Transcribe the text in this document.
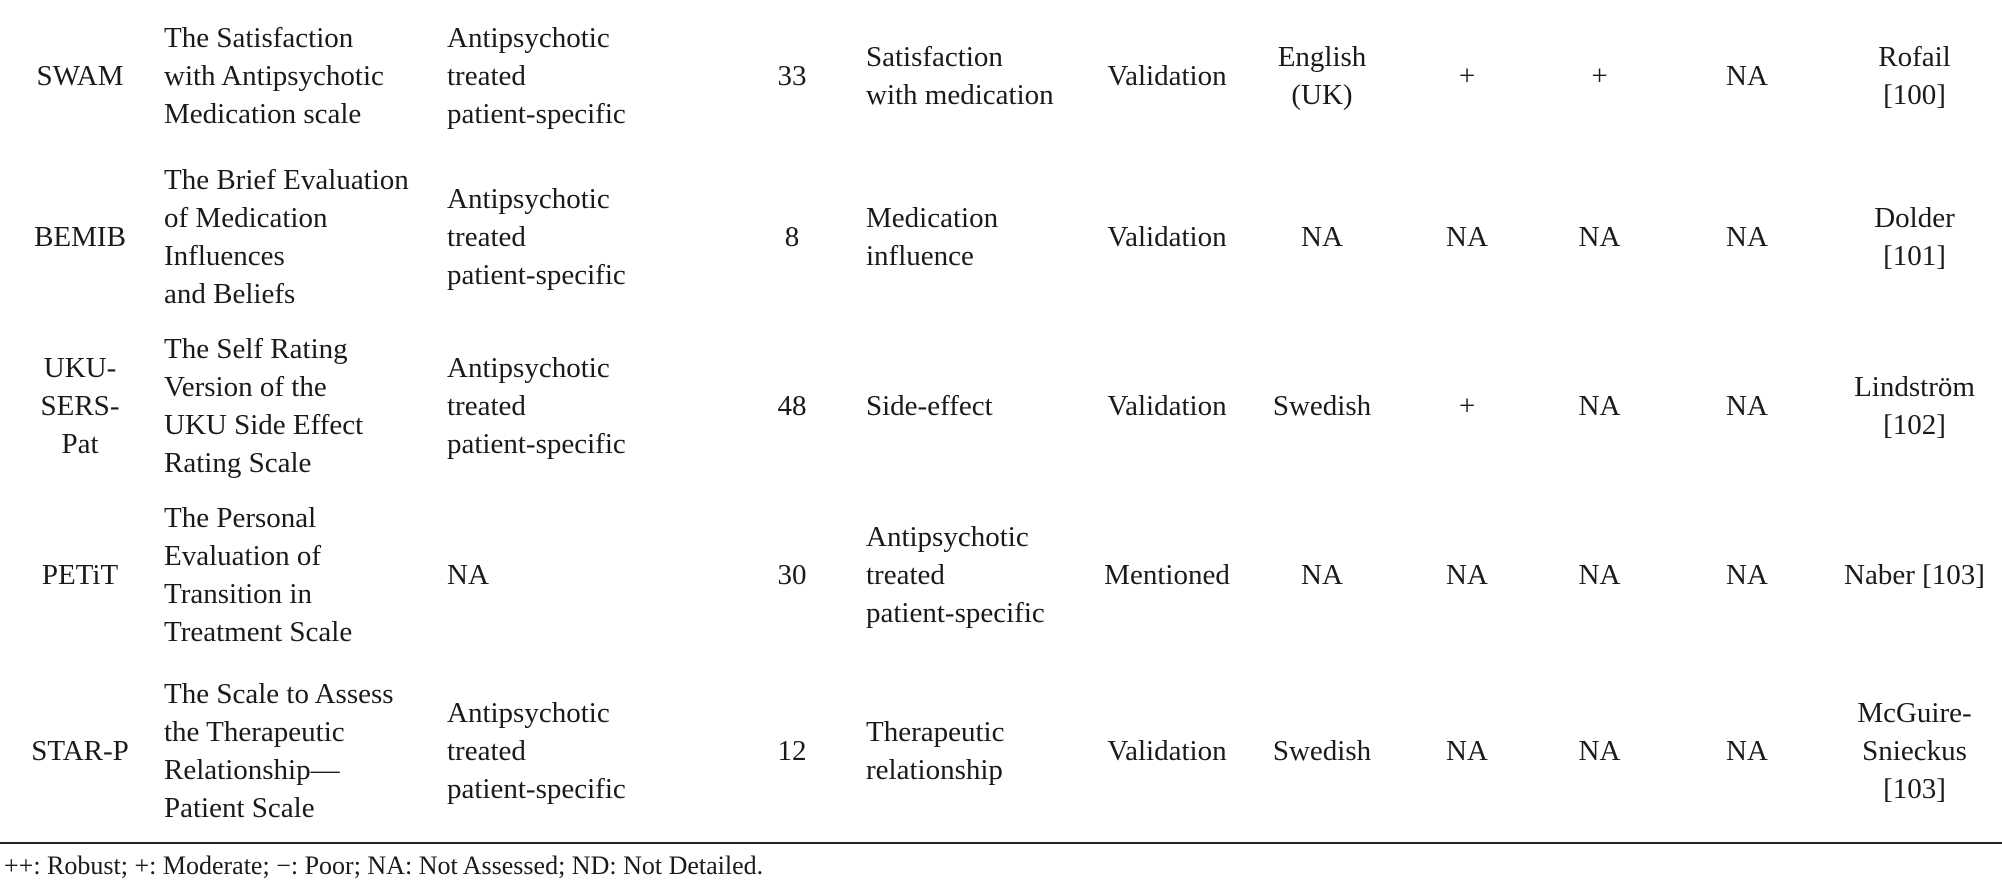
SWAM	The Satisfaction
with Antipsychotic
Medication scale	Antipsychotic
treated
patient-specific	33	Satisfaction
with medication	Validation	English
(UK)	+	+	NA	Rofail
[100]

BEMIB	The Brief Evaluation
of Medication
Influences
and Beliefs	Antipsychotic
treated
patient-specific	8	Medication
influence	Validation	NA	NA	NA	NA	Dolder
[101]

UKU-
SERS-
Pat	The Self Rating
Version of the
UKU Side Effect
Rating Scale	Antipsychotic
treated
patient-specific	48	Side-effect	Validation	Swedish	+	NA	NA	Lindström
[102]

PETiT	The Personal
Evaluation of
Transition in
Treatment Scale	NA	30	Antipsychotic
treated
patient-specific	Mentioned	NA	NA	NA	NA	Naber [103]

STAR-P	The Scale to Assess
the Therapeutic
Relationship—
Patient Scale	Antipsychotic
treated
patient-specific	12	Therapeutic
relationship	Validation	Swedish	NA	NA	NA	McGuire-
Snieckus
[103]
++: Robust; +: Moderate; −: Poor; NA: Not Assessed; ND: Not Detailed.
